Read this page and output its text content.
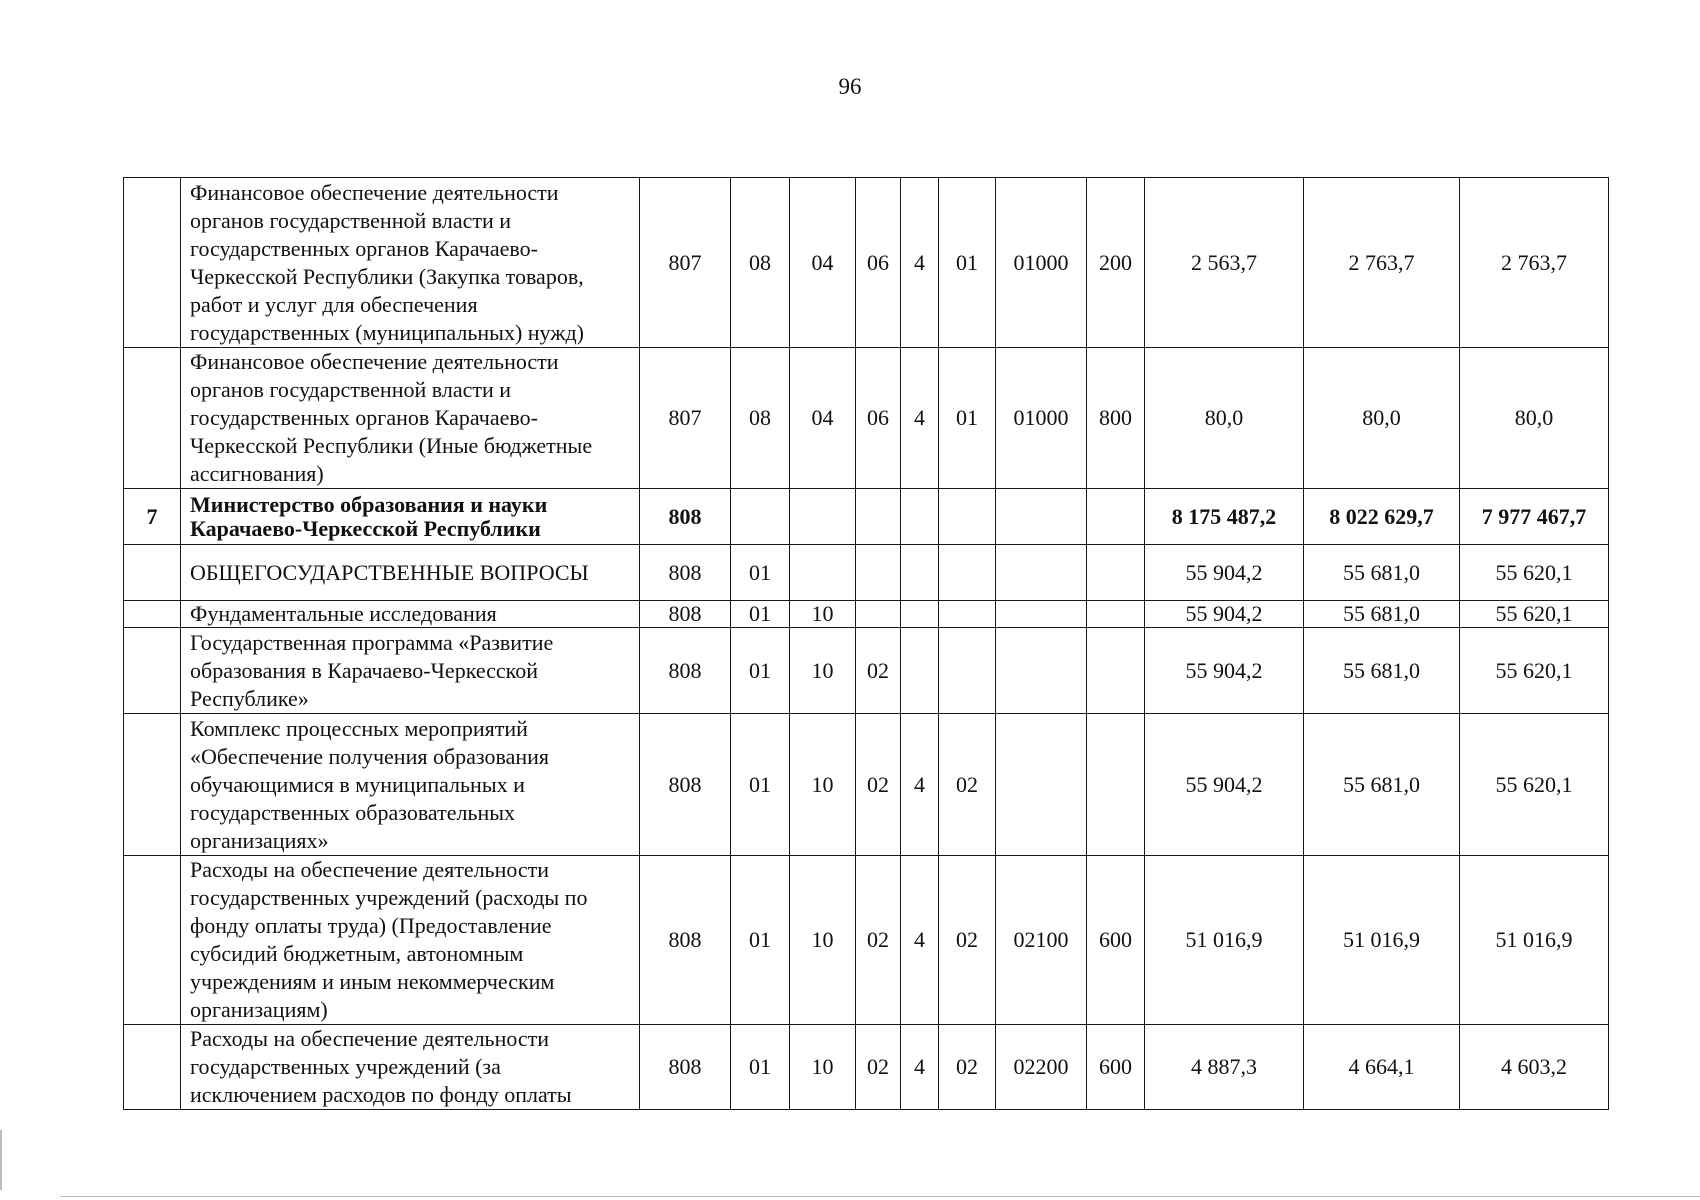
96
	Финансовое обеспечение деятельности органов государственной власти и государственных органов Карачаево-Черкесской Республики (Закупка товаров, работ и услуг для обеспечения государственных (муниципальных) нужд)	807	08	04	06	4	01	01000	200	2 563,7	2 763,7	2 763,7
	Финансовое обеспечение деятельности органов государственной власти и государственных органов Карачаево-Черкесской Республики (Иные бюджетные ассигнования)	807	08	04	06	4	01	01000	800	80,0	80,0	80,0
7	Министерство образования и науки Карачаево-Черкесской Республики	808								8 175 487,2	8 022 629,7	7 977 467,7
	ОБЩЕГОСУДАРСТВЕННЫЕ ВОПРОСЫ	808	01							55 904,2	55 681,0	55 620,1
	Фундаментальные исследования	808	01	10						55 904,2	55 681,0	55 620,1
	Государственная программа «Развитие образования в Карачаево-Черкесской Республике»	808	01	10	02					55 904,2	55 681,0	55 620,1
	Комплекс процессных мероприятий «Обеспечение получения образования обучающимися в муниципальных и государственных образовательных организациях»	808	01	10	02	4	02			55 904,2	55 681,0	55 620,1
	Расходы на обеспечение деятельности государственных учреждений (расходы по фонду оплаты труда) (Предоставление субсидий бюджетным, автономным учреждениям и иным некоммерческим организациям)	808	01	10	02	4	02	02100	600	51 016,9	51 016,9	51 016,9
	Расходы на обеспечение деятельности государственных учреждений (за исключением расходов по фонду оплаты	808	01	10	02	4	02	02200	600	4 887,3	4 664,1	4 603,2
